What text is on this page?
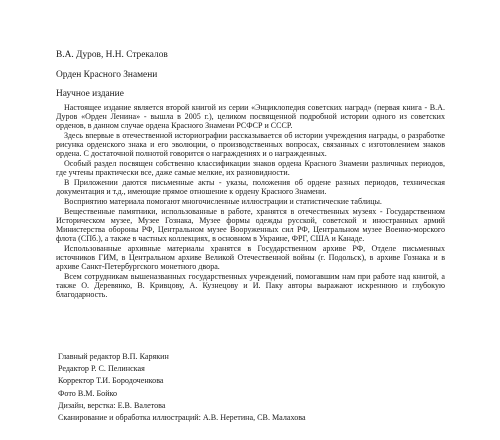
В.А. Дуров, Н.Н. Стрекалов
Орден Красного Знамени
Научное издание

Настоящее издание является второй книгой из серии «Энциклопедия советских наград» (первая книга - В.А. Дуров «Орден Ленина» - вышла в 2005 г.), целиком посвященной подробной истории одного из советских орденов, в данном случае ордена Красного Знамени РСФСР и СССР.

Здесь впервые в отечественной историографии рассказывается об истории учреждения награды, о разработке рисунка орденского знака и его эволюции, о производственных вопросах, связанных с изготовлением знаков ордена. С достаточной полнотой говорится о награждениях и о награжденных.

Особый раздел посвящен собственно классификации знаков ордена Красного Знамени различных периодов, где учтены практически все, даже самые мелкие, их разновидности.

В Приложении даются письменные акты - указы, положения об ордене разных периодов, техническая документация и т.д., имеющие прямое отношение к ордену Красного Знамени.

Восприятию материала помогают многочисленные иллюстрации и статистические таблицы.

Вещественные памятники, использованные в работе, хранятся в отечественных музеях - Государственном Историческом музее, Музее Гознака, Музее формы одежды русской, советской и иностранных армий Министерства обороны РФ, Центральном музее Вооруженных сил РФ, Центральном музее Военно-морского флота (СПб.), а также в частных коллекциях, в основном в Украине, ФРГ, США и Канаде.

Использованные архивные материалы хранятся в Государственном архиве РФ, Отделе письменных источников ГИМ, в Центральном архиве Великой Отечественной войны (г. Подольск), в архиве Гознака и в архиве Санкт-Петербургского монетного двора.

Всем сотрудникам вышеназванных государственных учреждений, помогавшим нам при работе над книгой, а также О. Деревянко, В. Кривцову, А. Кузнецову и И. Паку авторы выражают искреннюю и глубокую благодарность.

Главный редактор В.П. Карякин
Редактор Р. С. Пелинская
Корректор Т.И. Бородоченкова
Фото В.М. Бойко
Дизайн, верстка: Е.В. Валетова
Сканирование и обработка иллюстраций: А.В. Неретина, СВ. Малахова
